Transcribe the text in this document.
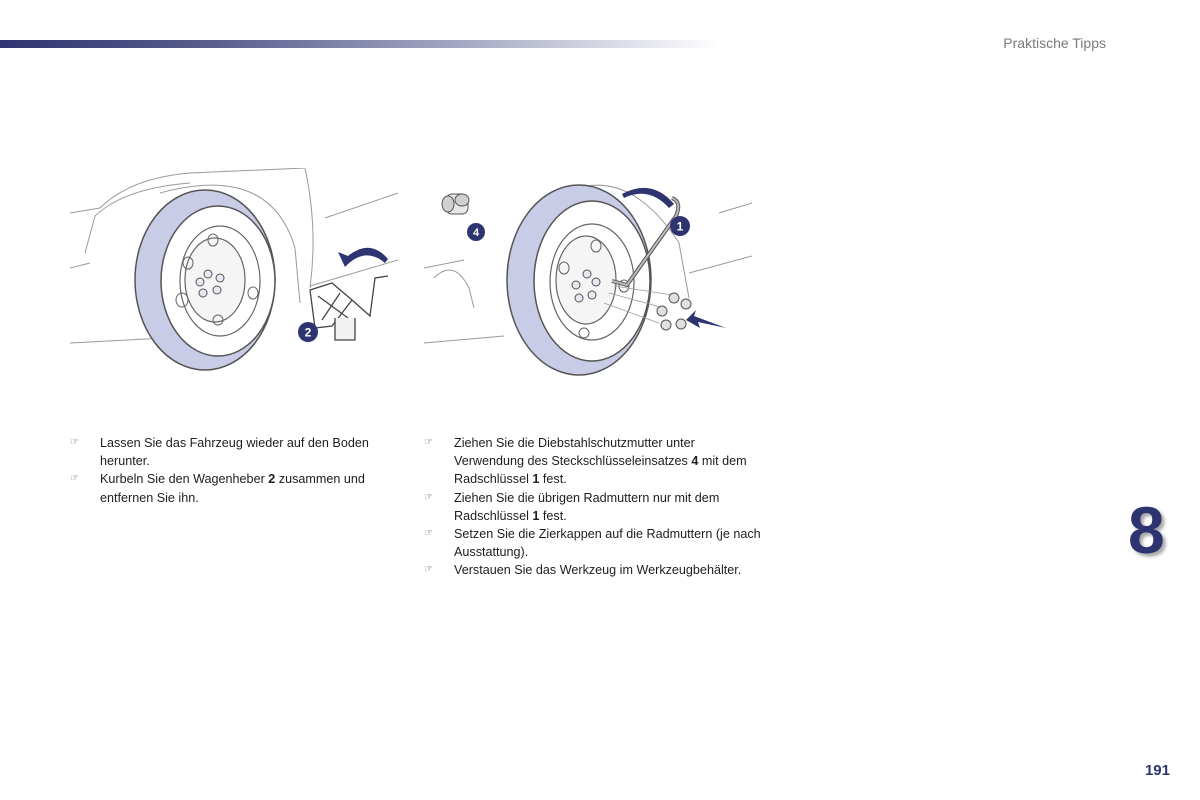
Praktische Tipps
2
4	1
☞ Lassen Sie das Fahrzeug wieder auf den Boden herunter.
☞ Kurbeln Sie den Wagenheber 2 zusammen und entfernen Sie ihn.
☞ Ziehen Sie die Diebstahlschutzmutter unter Verwendung des Steckschlüsseleinsatzes 4 mit dem Radschlüssel 1 fest.
☞ Ziehen Sie die übrigen Radmuttern nur mit dem Radschlüssel 1 fest.
☞ Setzen Sie die Zierkappen auf die Radmuttern (je nach Ausstattung).
☞ Verstauen Sie das Werkzeug im Werkzeugbehälter.
8
191
